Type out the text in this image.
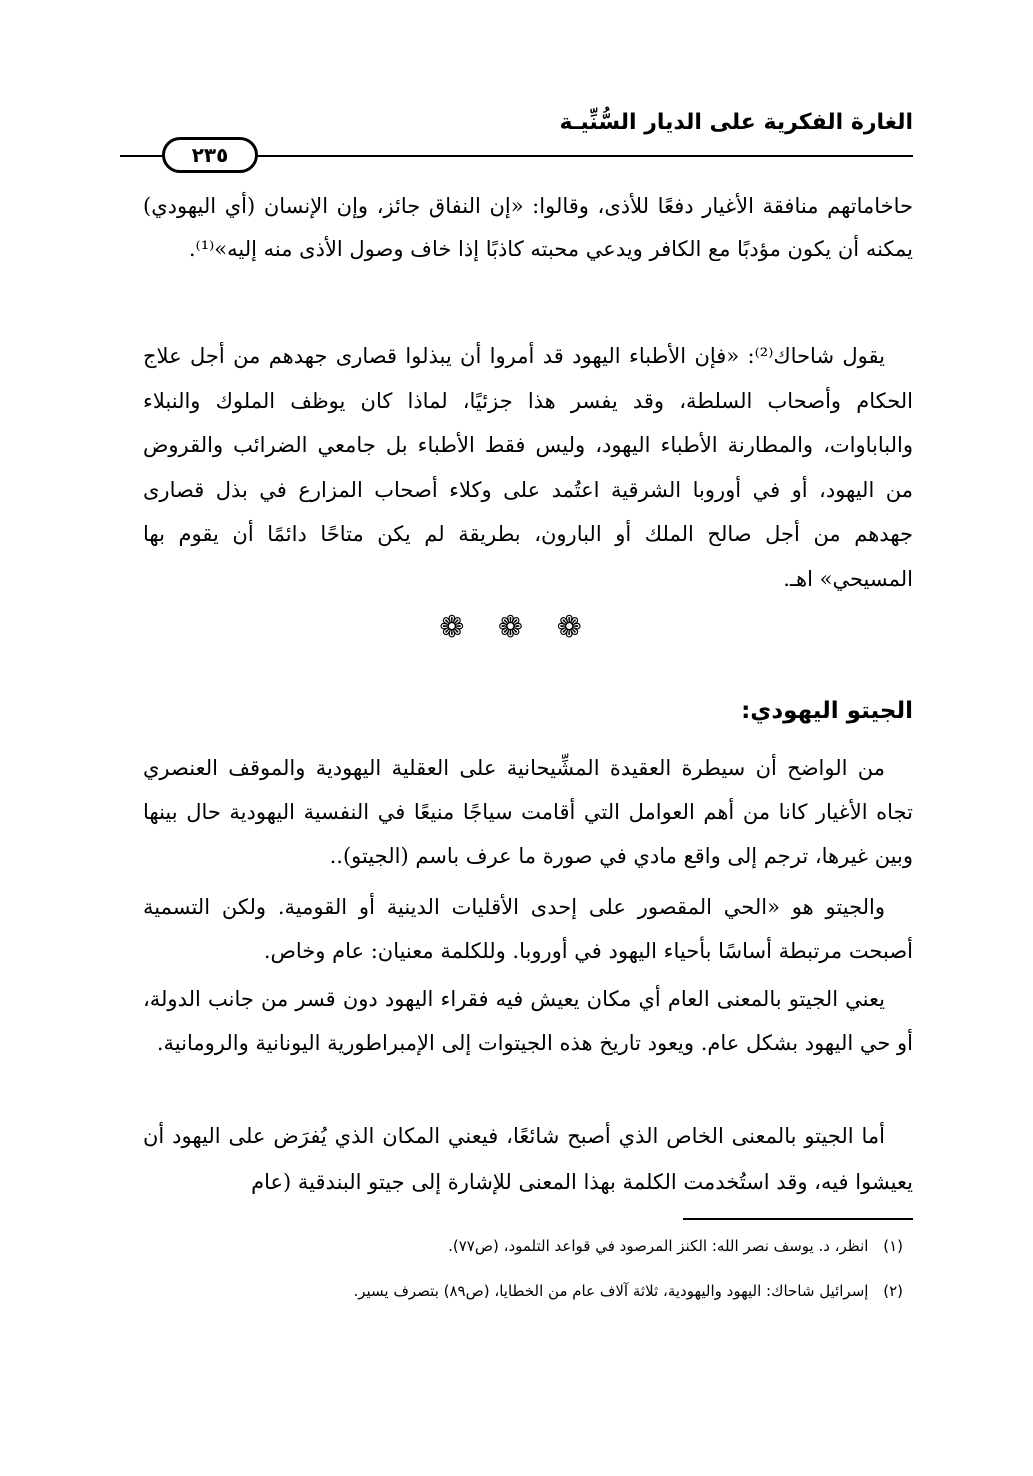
الغارة الفكرية على الديار السُّنِّيـة
٢٣٥

حاخاماتهم منافقة الأغيار دفعًا للأذى، وقالوا: «إن النفاق جائز، وإن الإنسان (أي اليهودي) يمكنه أن يكون مؤدبًا مع الكافر ويدعي محبته كاذبًا إذا خاف وصول الأذى منه إليه»⁽¹⁾.

يقول شاحاك⁽²⁾: «فإن الأطباء اليهود قد أمروا أن يبذلوا قصارى جهدهم من أجل علاج الحكام وأصحاب السلطة، وقد يفسر هذا جزئيًا، لماذا كان يوظف الملوك والنبلاء والباباوات، والمطارنة الأطباء اليهود، وليس فقط الأطباء بل جامعي الضرائب والقروض من اليهود، أو في أوروبا الشرقية اعتُمد على وكلاء أصحاب المزارع في بذل قصارى جهدهم من أجل صالح الملك أو البارون، بطريقة لم يكن متاحًا دائمًا أن يقوم بها المسيحي» اهـ.

❁ ❁ ❁
الجيتو اليهودي:

من الواضح أن سيطرة العقيدة المشِّيحانية على العقلية اليهودية والموقف العنصري تجاه الأغيار كانا من أهم العوامل التي أقامت سياجًا منيعًا في النفسية اليهودية حال بينها وبين غيرها، ترجم إلى واقع مادي في صورة ما عرف باسم (الجيتو)..

والجيتو هو «الحي المقصور على إحدى الأقليات الدينية أو القومية. ولكن التسمية أصبحت مرتبطة أساسًا بأحياء اليهود في أوروبا. وللكلمة معنيان: عام وخاص.

يعني الجيتو بالمعنى العام أي مكان يعيش فيه فقراء اليهود دون قسر من جانب الدولة، أو حي اليهود بشكل عام. ويعود تاريخ هذه الجيتوات إلى الإمبراطورية اليونانية والرومانية.

أما الجيتو بالمعنى الخاص الذي أصبح شائعًا، فيعني المكان الذي يُفرَض على اليهود أن يعيشوا فيه، وقد استُخدمت الكلمة بهذا المعنى للإشارة إلى جيتو البندقية (عام

(١) انظر، د. يوسف نصر الله: الكنز المرصود في قواعد التلمود، (ص٧٧).
(٢) إسرائيل شاحاك: اليهود واليهودية، ثلاثة آلاف عام من الخطايا، (ص٨٩) بتصرف يسير.
